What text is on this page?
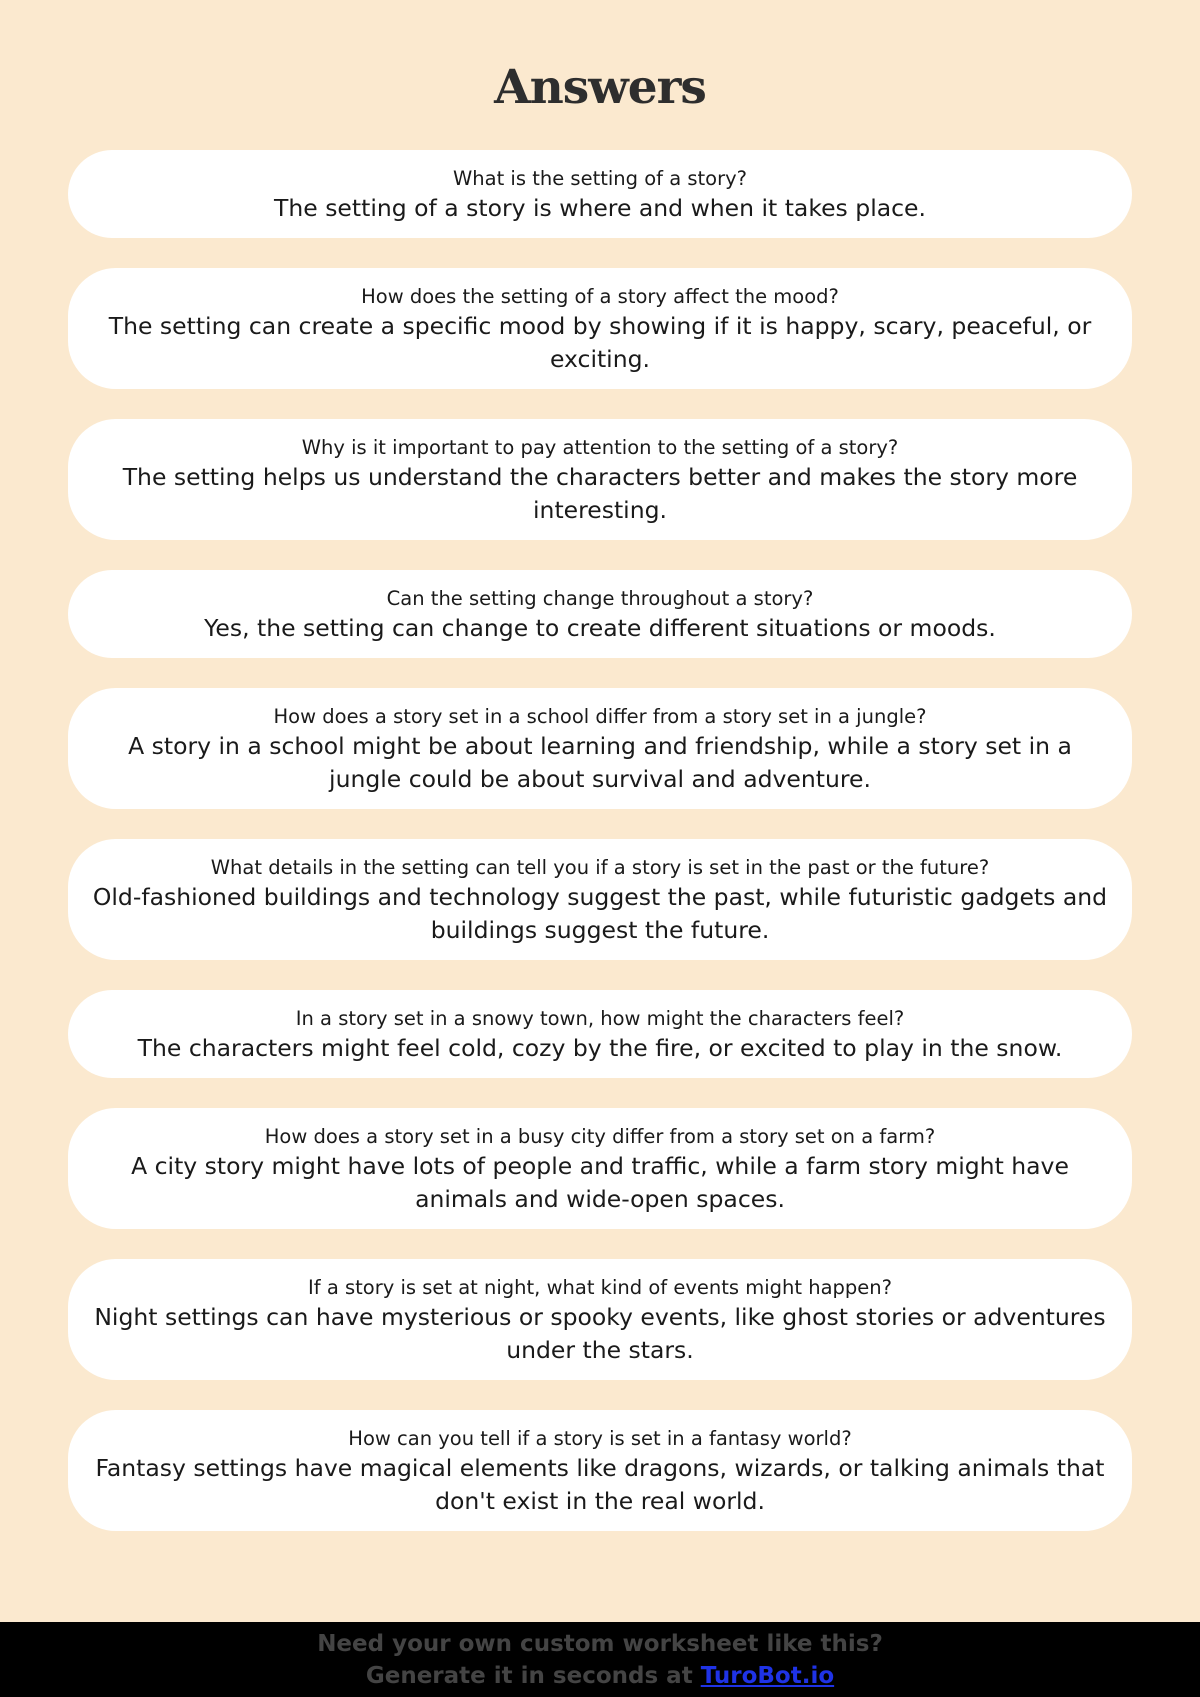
Answers
What is the setting of a story?
The setting of a story is where and when it takes place.
How does the setting of a story affect the mood?
The setting can create a specific mood by showing if it is happy, scary, peaceful, or exciting.
Why is it important to pay attention to the setting of a story?
The setting helps us understand the characters better and makes the story more interesting.
Can the setting change throughout a story?
Yes, the setting can change to create different situations or moods.
How does a story set in a school differ from a story set in a jungle?
A story in a school might be about learning and friendship, while a story set in a jungle could be about survival and adventure.
What details in the setting can tell you if a story is set in the past or the future?
Old-fashioned buildings and technology suggest the past, while futuristic gadgets and buildings suggest the future.
In a story set in a snowy town, how might the characters feel?
The characters might feel cold, cozy by the fire, or excited to play in the snow.
How does a story set in a busy city differ from a story set on a farm?
A city story might have lots of people and traffic, while a farm story might have animals and wide-open spaces.
If a story is set at night, what kind of events might happen?
Night settings can have mysterious or spooky events, like ghost stories or adventures under the stars.
How can you tell if a story is set in a fantasy world?
Fantasy settings have magical elements like dragons, wizards, or talking animals that don't exist in the real world.
Need your own custom worksheet like this?
Generate it in seconds at TuroBot.io
